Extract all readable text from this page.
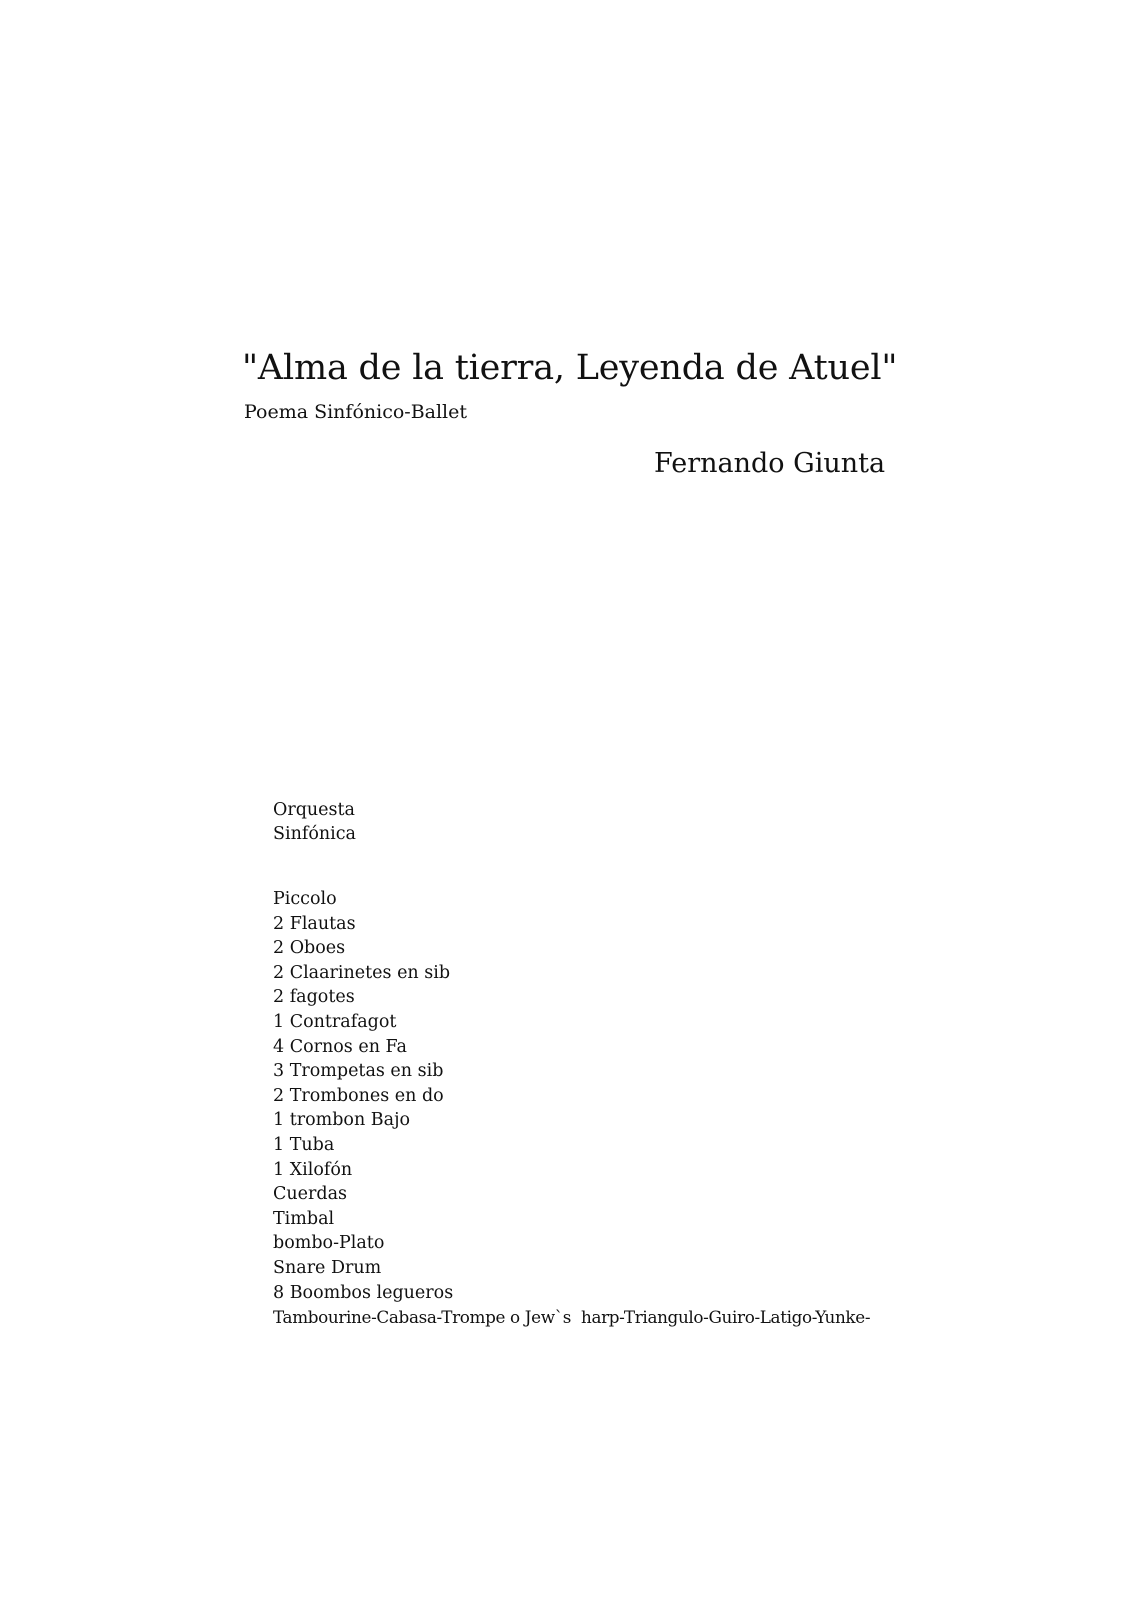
"Alma de la tierra, Leyenda de Atuel"
Poema Sinfónico-Ballet
Fernando Giunta
Orquesta
Sinfónica
Piccolo
2 Flautas
2 Oboes
2 Claarinetes en sib
2 fagotes
1 Contrafagot
4 Cornos en Fa
3 Trompetas en sib
2 Trombones en do
1 trombon Bajo
1 Tuba
1 Xilofón
Cuerdas
Timbal
bombo-Plato
Snare Drum
8 Boombos legueros
Tambourine-Cabasa-Trompe o Jew`s  harp-Triangulo-Guiro-Latigo-Yunke-
